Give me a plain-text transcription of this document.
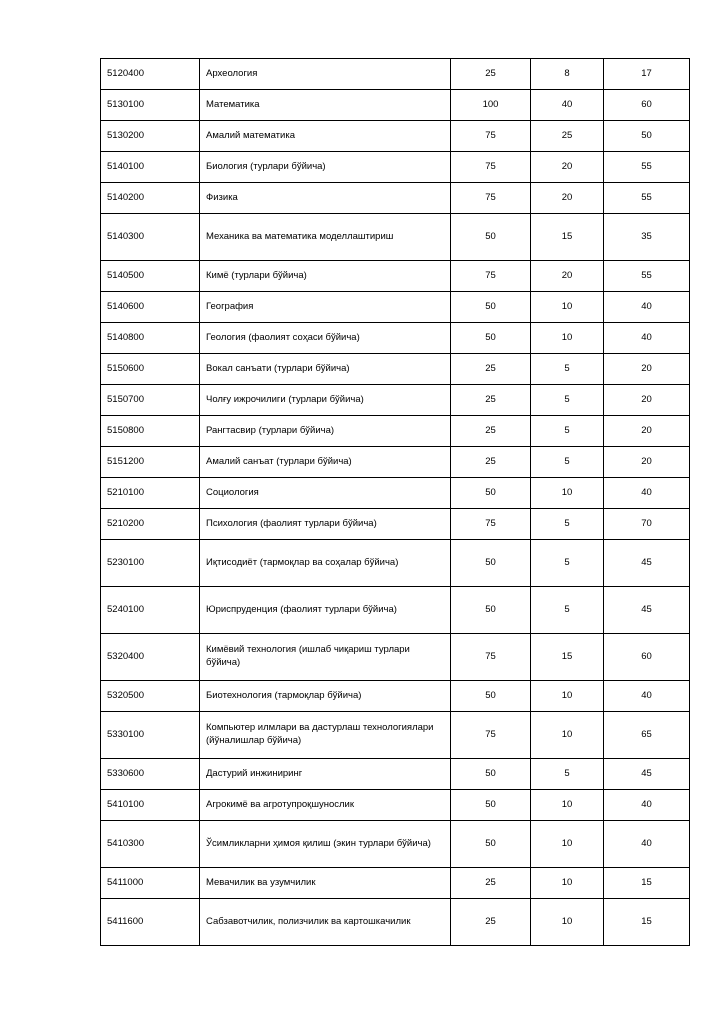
5120400	Археология	25	8	17
5130100	Математика	100	40	60
5130200	Амалий математика	75	25	50
5140100	Биология (турлари бўйича)	75	20	55
5140200	Физика	75	20	55
5140300	Механика ва математика моделлаштириш	50	15	35
5140500	Кимё (турлари бўйича)	75	20	55
5140600	География	50	10	40
5140800	Геология (фаолият соҳаси бўйича)	50	10	40
5150600	Вокал санъати (турлари бўйича)	25	5	20
5150700	Чолғу ижрочилиги (турлари бўйича)	25	5	20
5150800	Рангтасвир (турлари бўйича)	25	5	20
5151200	Амалий санъат (турлари бўйича)	25	5	20
5210100	Социология	50	10	40
5210200	Психология (фаолият турлари бўйича)	75	5	70
5230100	Иқтисодиёт (тармоқлар ва соҳалар бўйича)	50	5	45
5240100	Юриспруденция (фаолият турлари бўйича)	50	5	45
5320400	Кимёвий технология (ишлаб чиқариш турлари бўйича)	75	15	60
5320500	Биотехнология (тармоқлар бўйича)	50	10	40
5330100	Компьютер илмлари ва дастурлаш технологиялари (йўналишлар бўйича)	75	10	65
5330600	Дастурий инжиниринг	50	5	45
5410100	Агрокимё ва агротупроқшунослик	50	10	40
5410300	Ўсимликларни ҳимоя қилиш (экин турлари бўйича)	50	10	40
5411000	Мевачилик ва узумчилик	25	10	15
5411600	Сабзавотчилик, полизчилик ва картошкачилик	25	10	15
